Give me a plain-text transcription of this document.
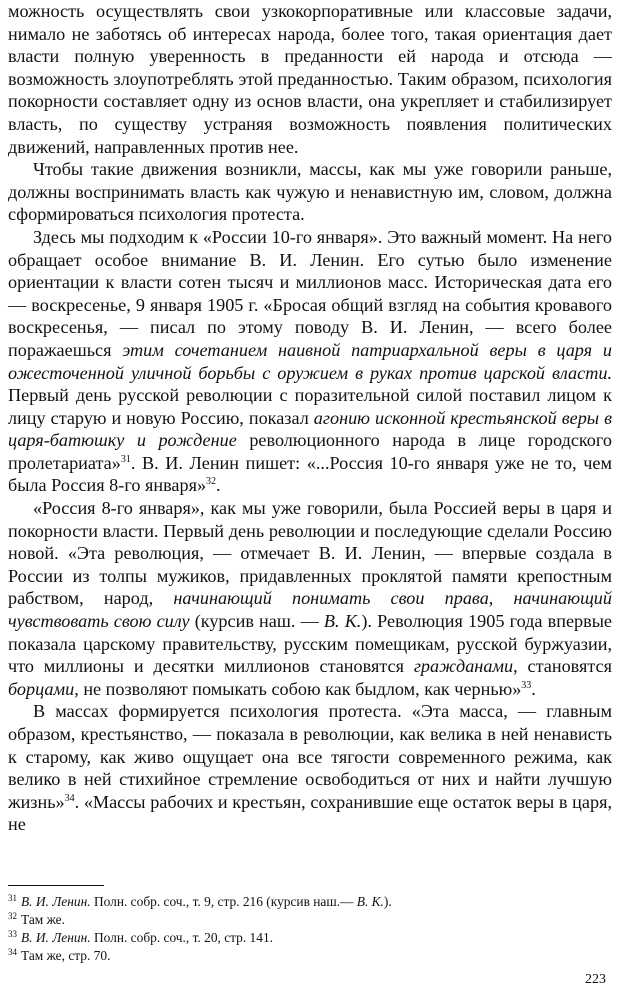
можность осуществлять свои узкокорпоративные или классовые задачи, нимало не заботясь об интересах народа, более того, такая ориентация дает власти полную уверенность в преданности ей народа и отсюда — возможность злоупотреблять этой преданностью. Таким образом, психология покорности составляет одну из основ власти, она укрепляет и стабилизирует власть, по существу устраняя возможность появления политических движений, направленных против нее.

Чтобы такие движения возникли, массы, как мы уже говорили раньше, должны воспринимать власть как чужую и ненавистную им, словом, должна сформироваться психология протеста.

Здесь мы подходим к «России 10-го января». Это важный момент. На него обращает особое внимание В. И. Ленин. Его сутью было изменение ориентации к власти сотен тысяч и миллионов масс. Историческая дата его — воскресенье, 9 января 1905 г. «Бросая общий взгляд на события кровавого воскресенья, — писал по этому поводу В. И. Ленин, — всего более поражаешься этим сочетанием наивной патриархальной веры в царя и ожесточенной уличной борьбы с оружием в руках против царской власти. Первый день русской революции с поразительной силой поставил лицом к лицу старую и новую Россию, показал агонию исконной крестьянской веры в царя-батюшку и рождение революционного народа в лице городского пролетариата»$^{31}$. В. И. Ленин пишет: «...Россия 10-го января уже не то, чем была Россия 8-го января»$^{32}$.

«Россия 8-го января», как мы уже говорили, была Россией веры в царя и покорности власти. Первый день революции и последующие сделали Россию новой. «Эта революция, — отмечает В. И. Ленин, — впервые создала в России из толпы мужиков, придавленных проклятой памяти крепостным рабством, народ, начинающий понимать свои права, начинающий чувствовать свою силу (курсив наш. — В. К.). Революция 1905 года впервые показала царскому правительству, русским помещикам, русской буржуазии, что миллионы и десятки миллионов становятся гражданами, становятся борцами, не позволяют помыкать собою как быдлом, как чернью»$^{33}$.

В массах формируется психология протеста. «Эта масса, — главным образом, крестьянство, — показала в революции, как велика в ней ненависть к старому, как живо ощущает она все тягости современного режима, как велико в ней стихийное стремление освободиться от них и найти лучшую жизнь»$^{34}$. «Массы рабочих и крестьян, сохранившие еще остаток веры в царя, не

$^{31}$ В. И. Ленин. Полн. собр. соч., т. 9, стр. 216 (курсив наш.— В. К.).
$^{32}$ Там же.
$^{33}$ В. И. Ленин. Полн. собр. соч., т. 20, стр. 141.
$^{34}$ Там же, стр. 70.
223
